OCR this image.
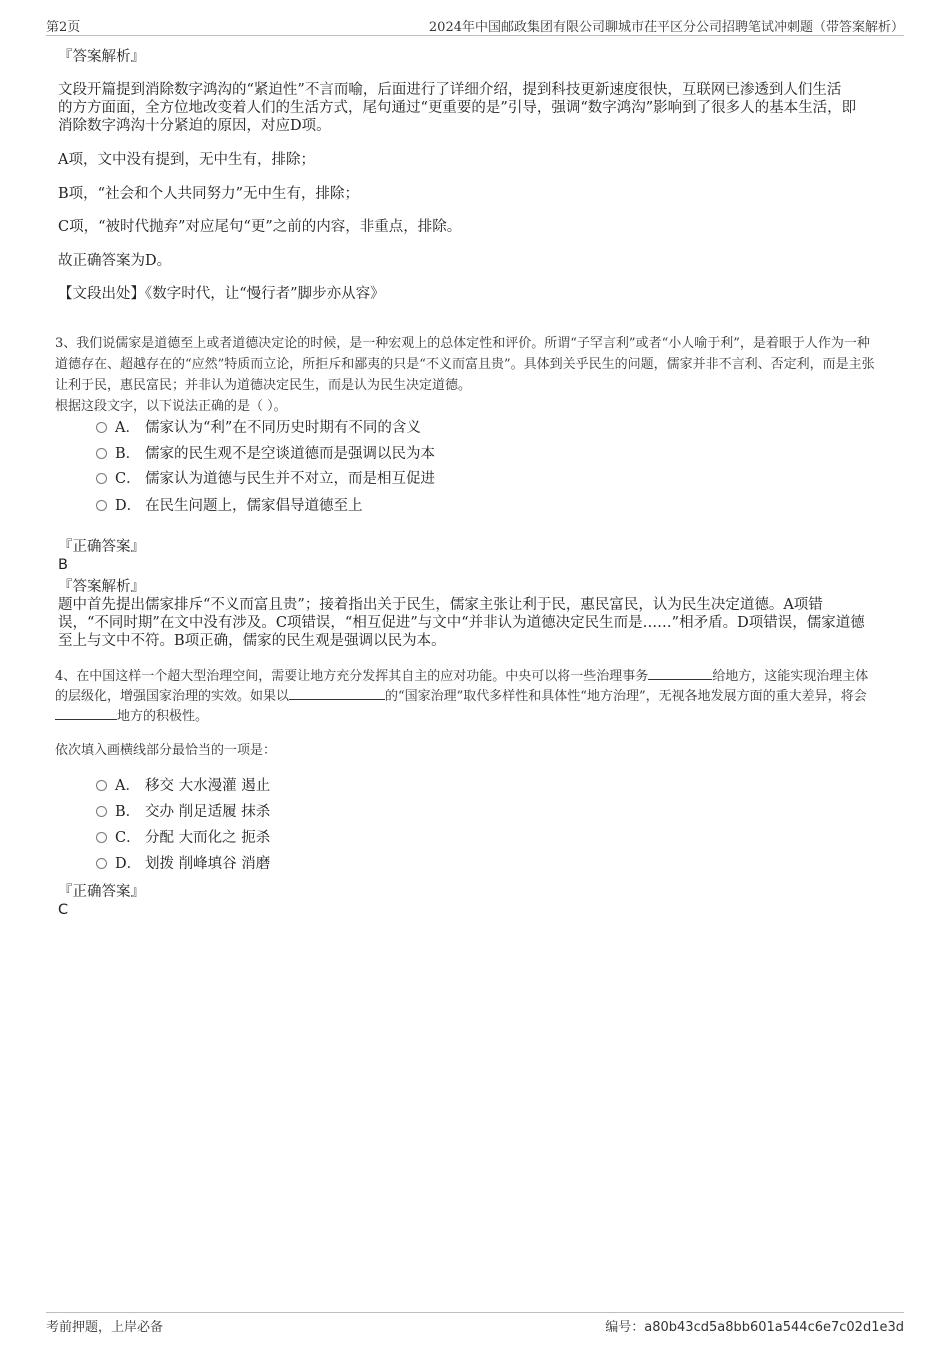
第2页	2024年中国邮政集团有限公司聊城市茌平区分公司招聘笔试冲刺题（带答案解析）
『答案解析』
文段开篇提到消除数字鸿沟的“紧迫性”不言而喻，后面进行了详细介绍，提到科技更新速度很快，互联网已渗透到人们生活
的方方面面，全方位地改变着人们的生活方式，尾句通过“更重要的是”引导，强调“数字鸿沟”影响到了很多人的基本生活，即
消除数字鸿沟十分紧迫的原因，对应D项。
A项，文中没有提到，无中生有，排除；
B项，“社会和个人共同努力”无中生有，排除；
C项，“被时代抛弃”对应尾句“更”之前的内容，非重点，排除。
故正确答案为D。
【文段出处】《数字时代，让“慢行者”脚步亦从容》
3、我们说儒家是道德至上或者道德决定论的时候，是一种宏观上的总体定性和评价。所谓“子罕言利”或者“小人喻于利”，是着眼于人作为一种
道德存在、超越存在的“应然”特质而立论，所拒斥和鄙夷的只是“不义而富且贵”。具体到关乎民生的问题，儒家并非不言利、否定利，而是主张
让利于民，惠民富民；并非认为道德决定民生，而是认为民生决定道德。
根据这段文字，以下说法正确的是（ ）。
A． 儒家认为“利”在不同历史时期有不同的含义
B． 儒家的民生观不是空谈道德而是强调以民为本
C． 儒家认为道德与民生并不对立，而是相互促进
D． 在民生问题上，儒家倡导道德至上
『正确答案』
B
『答案解析』
题中首先提出儒家排斥“不义而富且贵”；接着指出关于民生，儒家主张让利于民，惠民富民，认为民生决定道德。A项错
误，“不同时期”在文中没有涉及。C项错误，“相互促进”与文中“并非认为道德决定民生而是……”相矛盾。D项错误，儒家道德
至上与文中不符。B项正确，儒家的民生观是强调以民为本。
4、在中国这样一个超大型治理空间，需要让地方充分发挥其自主的应对功能。中央可以将一些治理事务	给地方，这能实现治理主体
的层级化，增强国家治理的实效。如果以	的“国家治理”取代多样性和具体性“地方治理”，无视各地发展方面的重大差异，将会
地方的积极性。
依次填入画横线部分最恰当的一项是：
A． 移交 大水漫灌 遏止
B． 交办 削足适履 抹杀
C． 分配 大而化之 扼杀
D． 划拨 削峰填谷 消磨
『正确答案』
C
考前押题，上岸必备	编号：a80b43cd5a8bb601a544c6e7c02d1e3d
